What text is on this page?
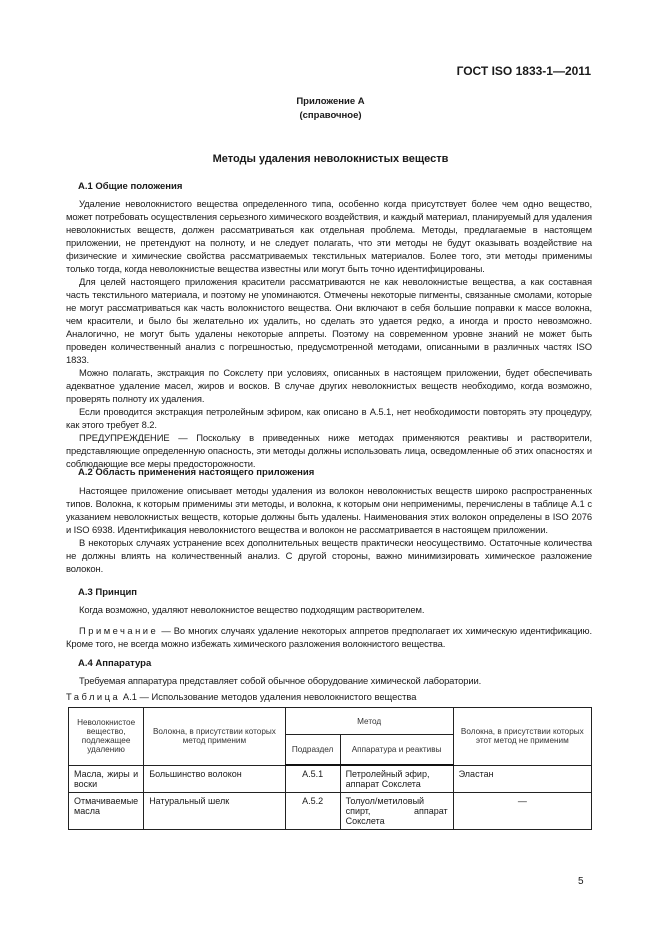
ГОСТ ISO 1833-1—2011
Приложение А
(справочное)
Методы удаления неволокнистых веществ
А.1 Общие положения

Удаление неволокнистого вещества определенного типа, особенно когда присутствует более чем одно вещество, может потребовать осуществления серьезного химического воздействия, и каждый материал, планируемый для удаления неволокнистых веществ, должен рассматриваться как отдельная проблема. Методы, предлагаемые в настоящем приложении, не претендуют на полноту, и не следует полагать, что эти методы не будут оказывать воздействие на физические и химические свойства рассматриваемых текстильных материалов. Более того, эти методы применимы только тогда, когда неволокнистые вещества известны или могут быть точно идентифицированы.

Для целей настоящего приложения красители рассматриваются не как неволокнистые вещества, а как составная часть текстильного материала, и поэтому не упоминаются. Отмечены некоторые пигменты, связанные смолами, которые не могут рассматриваться как часть волокнистого вещества. Они включают в себя большие поправки к массе волокна, чем красители, и было бы желательно их удалить, но сделать это удается редко, а иногда и просто невозможно. Аналогично, не могут быть удалены некоторые аппреты. Поэтому на современном уровне знаний не может быть проведен количественный анализ с погрешностью, предусмотренной методами, описанными в различных частях ISO 1833.

Можно полагать, экстракция по Сокслету при условиях, описанных в настоящем приложении, будет обеспечивать адекватное удаление масел, жиров и восков. В случае других неволокнистых веществ необходимо, когда возможно, проверять полноту их удаления.

Если проводится экстракция петролейным эфиром, как описано в А.5.1, нет необходимости повторять эту процедуру, как этого требует 8.2.

ПРЕДУПРЕЖДЕНИЕ — Поскольку в приведенных ниже методах применяются реактивы и растворители, представляющие определенную опасность, эти методы должны использовать лица, осведомленные об этих опасностях и соблюдающие все меры предосторожности.

А.2 Область применения настоящего приложения

Настоящее приложение описывает методы удаления из волокон неволокнистых веществ широко распространенных типов. Волокна, к которым применимы эти методы, и волокна, к которым они неприменимы, перечислены в таблице А.1 с указанием неволокнистых веществ, которые должны быть удалены. Наименования этих волокон определены в ISO 2076 и ISO 6938. Идентификация неволокнистого вещества и волокон не рассматривается в настоящем приложении.

В некоторых случаях устранение всех дополнительных веществ практически неосуществимо. Остаточные количества не должны влиять на количественный анализ. С другой стороны, важно минимизировать химическое разложение волокон.

А.3 Принцип

Когда возможно, удаляют неволокнистое вещество подходящим растворителем.

Примечание — Во многих случаях удаление некоторых аппретов предполагает их химическую идентификацию. Кроме того, не всегда можно избежать химического разложения волокнистого вещества.

А.4 Аппаратура

Требуемая аппаратура представляет собой обычное оборудование химической лаборатории.

Таблица А.1 — Использование методов удаления неволокнистого вещества
Неволокнистое вещество, подлежащее удалению	Волокна, в присутствии которых метод применим	Метод		Волокна, в присутствии которых этот метод не применим
		Подраздел	Аппаратура и реактивы	
Масла, жиры и воски	Большинство волокон	А.5.1	Петролейный эфир, аппарат Сокслета	Эластан
Отмачиваемые масла	Натуральный шелк	А.5.2	Толуол/метиловый спирт, аппарат Сокслета	—
5
